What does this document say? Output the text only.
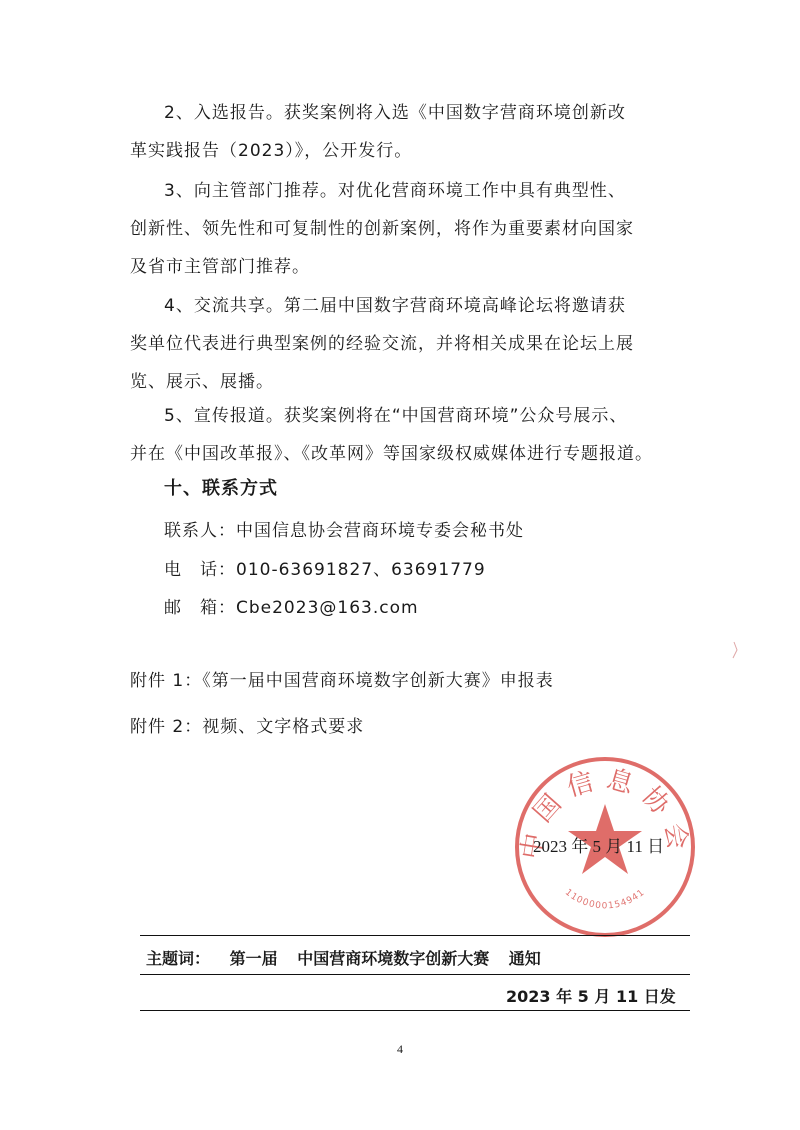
2、入选报告。获奖案例将入选《中国数字营商环境创新改
革实践报告（2023）》，公开发行。
3、向主管部门推荐。对优化营商环境工作中具有典型性、
创新性、领先性和可复制性的创新案例，将作为重要素材向国家
及省市主管部门推荐。
4、交流共享。第二届中国数字营商环境高峰论坛将邀请获
奖单位代表进行典型案例的经验交流，并将相关成果在论坛上展
览、展示、展播。
5、宣传报道。获奖案例将在“中国营商环境”公众号展示、
并在《中国改革报》、《改革网》等国家级权威媒体进行专题报道。
十、联系方式
联系人：中国信息协会营商环境专委会秘书处
电　话：010-63691827、63691779
邮　箱：Cbe2023@163.com
附件 1：《第一届中国营商环境数字创新大赛》申报表
附件 2：视频、文字格式要求
中国信息协会
1100000154941
2023 年 5 月 11 日
主题词： 第一届 中国营商环境数字创新大赛 通知
2023 年 5 月 11 日发
4
